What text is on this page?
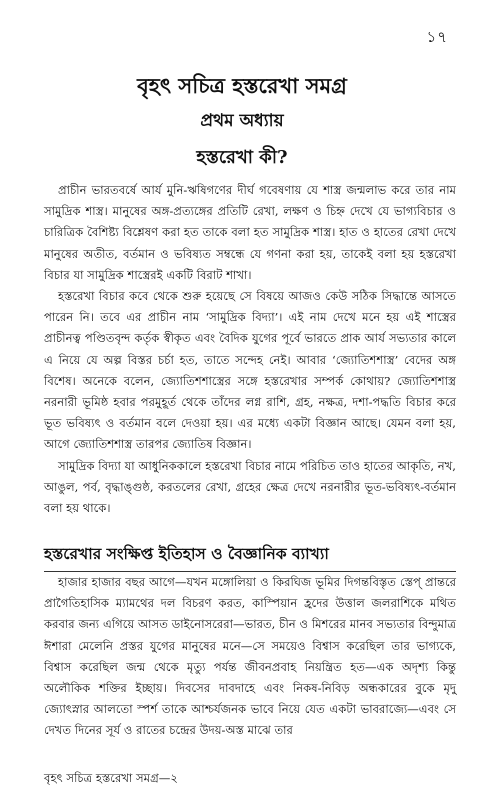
১৭
বৃহৎ সচিত্র হস্তরেখা সমগ্র
প্রথম অধ্যায়
হস্তরেখা কী?

প্রাচীন ভারতবর্ষে আর্য মুনি-ঋষিগণের দীর্ঘ গবেষণায় যে শাস্ত্র জন্মলাভ করে তার নাম সামুদ্রিক শাস্ত্র। মানুষের অঙ্গ-প্রত্যঙ্গের প্রতিটি রেখা, লক্ষণ ও চিহ্ন দেখে যে ভাগ্যবিচার ও চারিত্রিক বৈশিষ্ট্য বিশ্লেষণ করা হত তাকে বলা হত সামুদ্রিক শাস্ত্র। হাত ও হাতের রেখা দেখে মানুষের অতীত, বর্তমান ও ভবিষ্যত সম্বন্ধে যে গণনা করা হয়, তাকেই বলা হয় হস্তরেখা বিচার যা সামুদ্রিক শাস্ত্রেরই একটি বিরাট শাখা।

হস্তরেখা বিচার কবে থেকে শুরু হয়েছে সে বিষয়ে আজও কেউ সঠিক সিদ্ধান্তে আসতে পারেন নি। তবে এর প্রাচীন নাম ‘সামুদ্রিক বিদ্যা’। এই নাম দেখে মনে হয় এই শাস্ত্রের প্রাচীনত্ব পণ্ডিতবৃন্দ কর্তৃক স্বীকৃত এবং বৈদিক যুগের পূর্বে ভারতে প্রাক আর্য সভ্যতার কালে এ নিয়ে যে অল্প বিস্তর চর্চা হত, তাতে সন্দেহ নেই। আবার ‘জ্যোতিশশাস্ত্র’ বেদের অঙ্গ বিশেষ। অনেকে বলেন, জ্যোতিশশাস্ত্রের সঙ্গে হস্তরেখার সম্পর্ক কোথায়? জ্যোতিশশাস্ত্র নরনারী ভূমিষ্ঠ হবার পরমুহূর্ত থেকে তাঁদের লগ্ন রাশি, গ্রহ, নক্ষত্র, দশা-পদ্ধতি বিচার করে ভূত ভবিষ্যৎ ও বর্তমান বলে দেওয়া হয়। এর মধ্যে একটা বিজ্ঞান আছে। যেমন বলা হয়, আগে জ্যোতিশশাস্ত্র তারপর জ্যোতিষ বিজ্ঞান।

সামুদ্রিক বিদ্যা যা আধুনিককালে হস্তরেখা বিচার নামে পরিচিত তাও হাতের আকৃতি, নখ, আঙুল, পর্ব, বৃদ্ধাঙ্গুষ্ঠ, করতলের রেখা, গ্রহের ক্ষেত্র দেখে নরনারীর ভূত-ভবিষ্যৎ-বর্তমান বলা হয় থাকে।

হস্তরেখার সংক্ষিপ্ত ইতিহাস ও বৈজ্ঞানিক ব্যাখ্যা

হাজার হাজার বছর আগে—যখন মঙ্গোলিয়া ও কিরঘিজ ভূমির দিগন্তবিস্তৃত স্তেপ্ প্রান্তরে প্রাগৈতিহাসিক ম্যামথের দল বিচরণ করত, কাস্পিয়ান হ্রদের উত্তাল জলরাশিকে মথিত করবার জন্য এগিয়ে আসত ডাইনোসরেরা—ভারত, চীন ও মিশরের মানব সভ্যতার বিন্দুমাত্র ঈশারা মেলেনি প্রস্তর যুগের মানুষের মনে—সে সময়েও বিশ্বাস করেছিল তার ভাগ্যকে, বিশ্বাস করেছিল জন্ম থেকে মৃত্যু পর্যন্ত জীবনপ্রবাহ নিয়ন্ত্রিত হত—এক অদৃশ্য কিন্তু অলৌকিক শক্তির ইচ্ছায়। দিবসের দাবদাহে এবং নিকষ-নিবিড় অন্ধকারের বুকে মৃদু জ্যোৎস্নার আলতো স্পর্শ তাকে আশ্চর্যজনক ভাবে নিয়ে যেত একটা ভাবরাজ্যে—এবং সে দেখত দিনের সূর্য ও রাতের চন্দ্রের উদয়-অস্ত মাঝে তার

বৃহৎ সচিত্র হস্তরেখা সমগ্র—২
